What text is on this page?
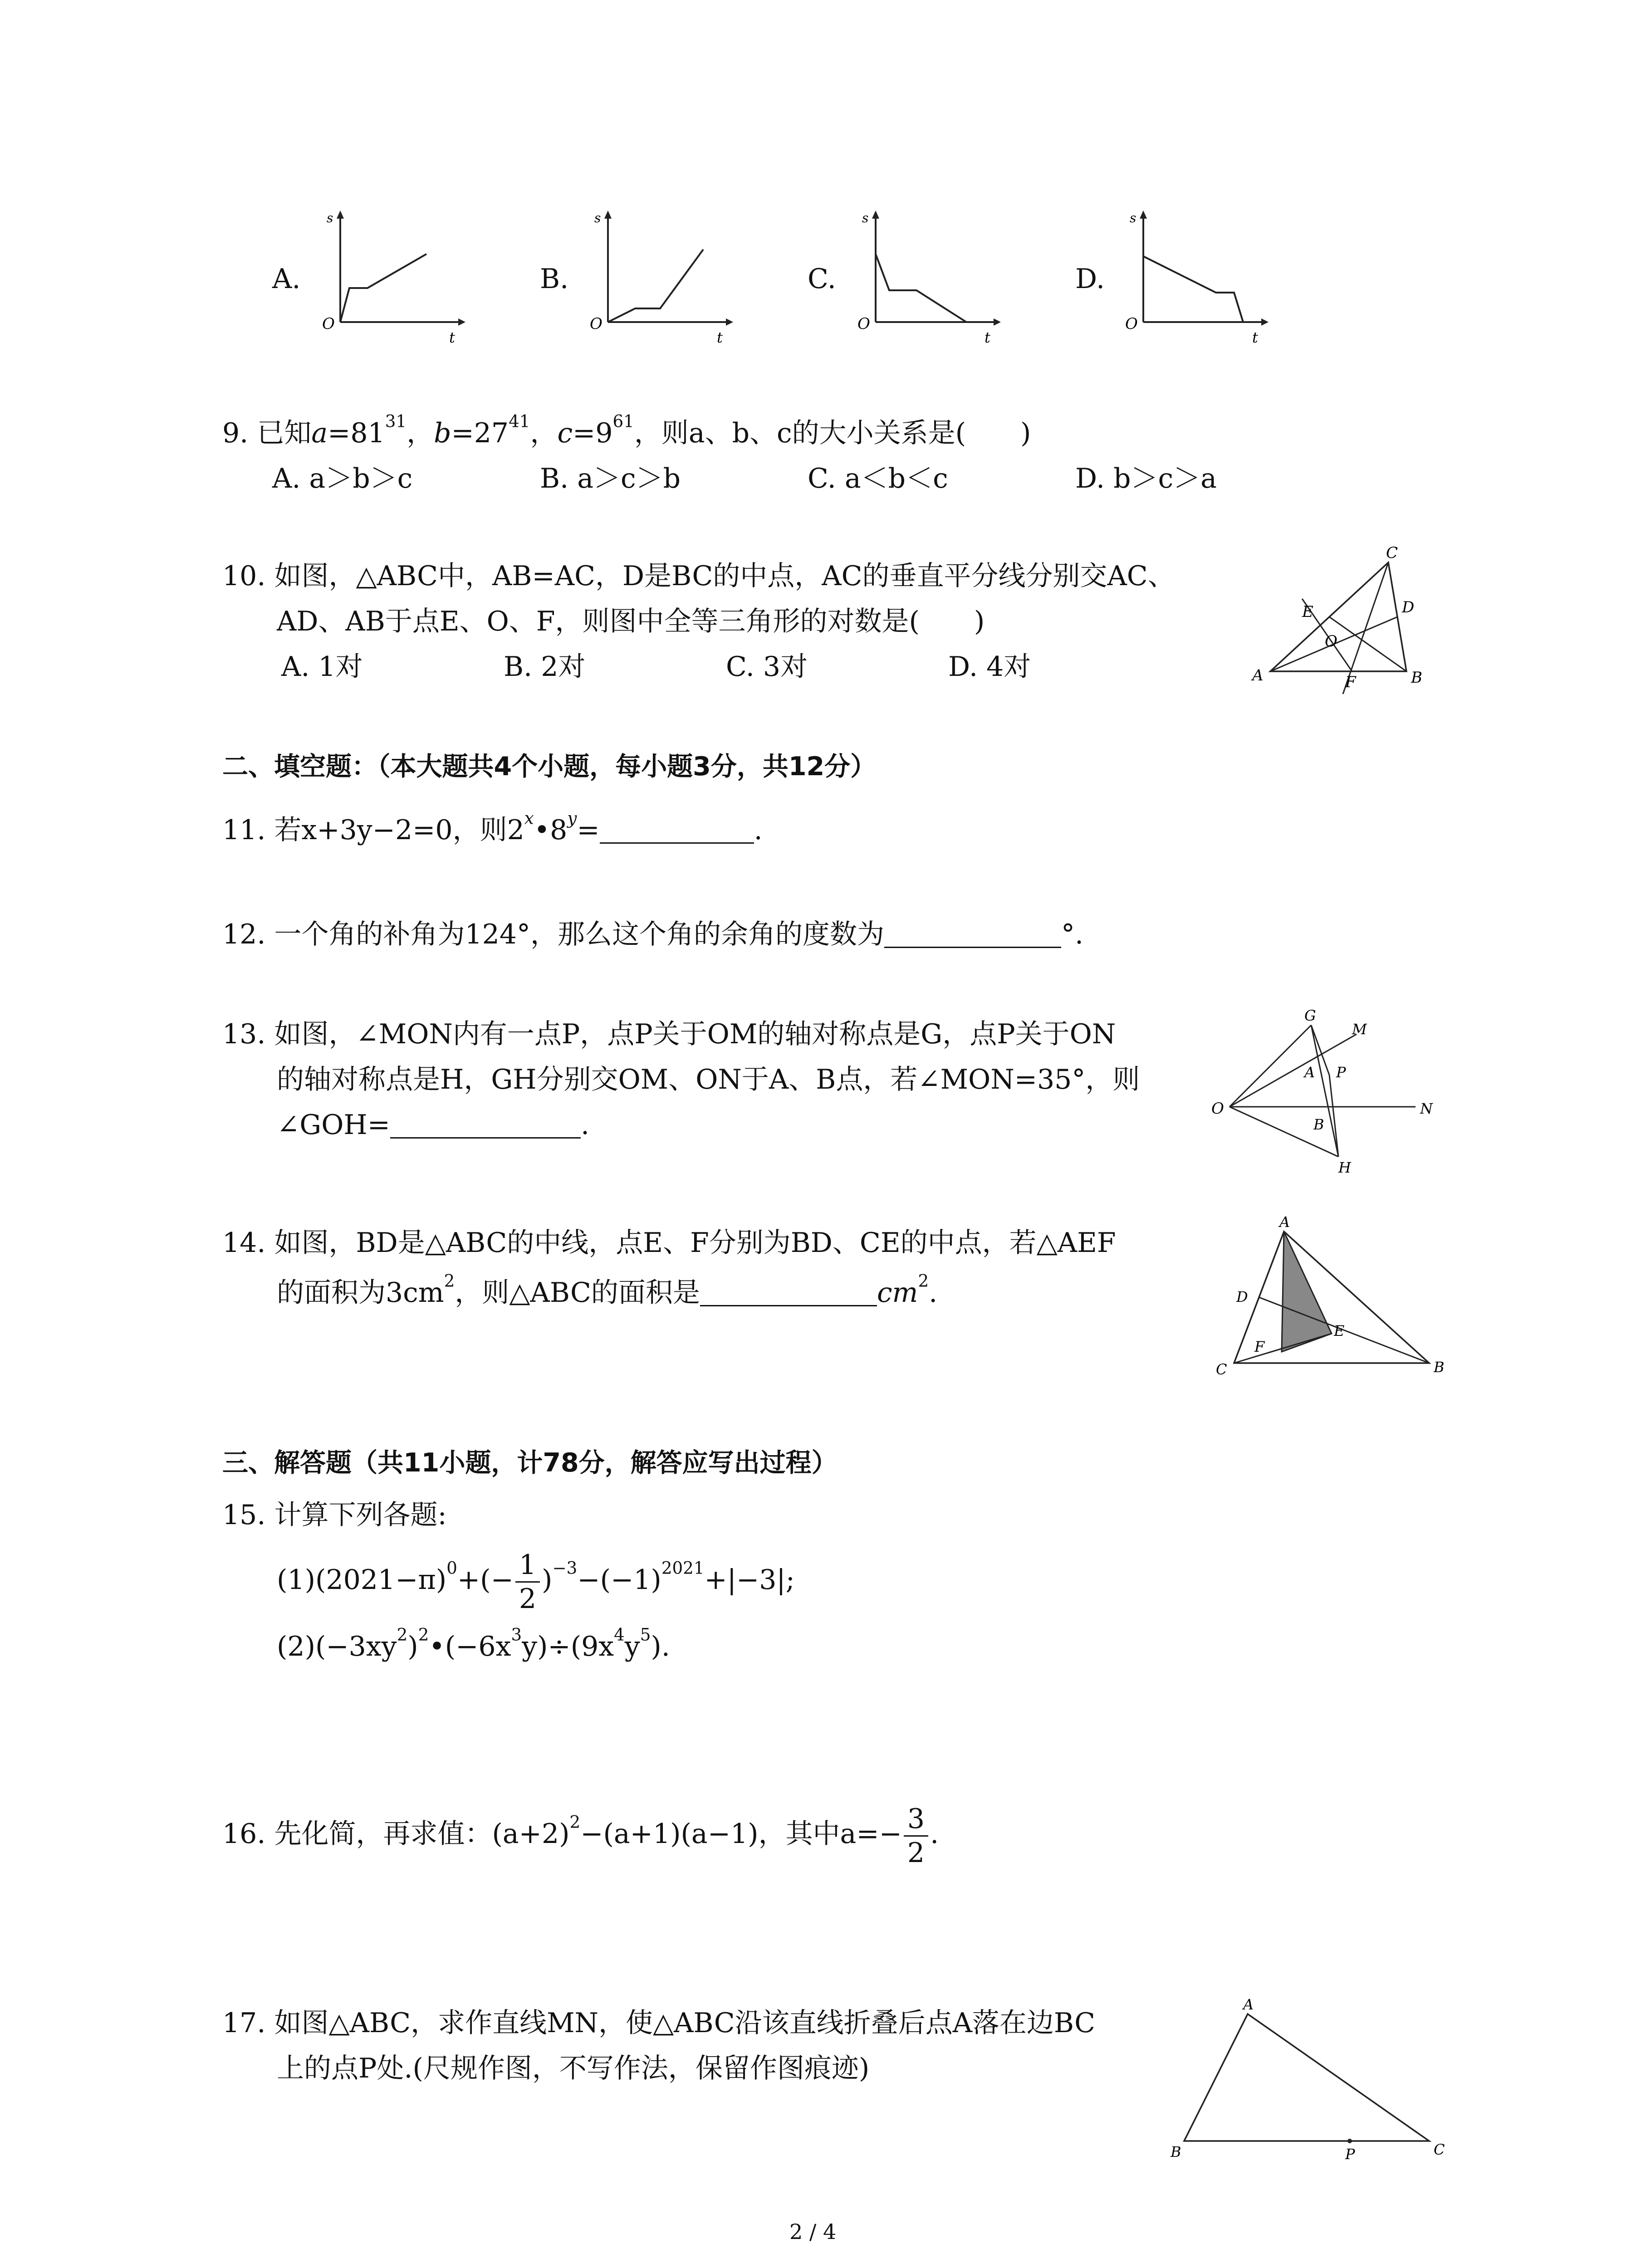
A.
s
t
O
B.
s
t
O
C.
s
t
O
D.
s
t
O
9. 已知$a=81^{31}$，$b=27^{41}$，$c=9^{61}$，则a、b、c的大小关系是(　　)
A. a＞b＞c	B. a＞c＞b	C. a＜b＜c	D. b＞c＞a
10. 如图，△ABC中，AB=AC，D是BC的中点，AC的垂直平分线分别交AC、
AD、AB于点E、O、F，则图中全等三角形的对数是(　　)
A. 1对	B. 2对	C. 3对	D. 4对	A	B
C
D
E
O
F
二、填空题：（本大题共4个小题，每小题3分，共12分）
11. 若x+3y−2=0，则$2^x•8^y=$	.
12. 一个角的补角为124°，那么这个角的余角的度数为	°.
13. 如图，∠MON内有一点P，点P关于OM的轴对称点是G，点P关于ON
的轴对称点是H，GH分别交OM、ON于A、B点，若∠MON=35°，则
∠GOH=	.
G
M
A P
O	N
B
H
14. 如图，BD是△ABC的中线，点E、F分别为BD、CE的中点，若△AEF
的面积为$3cm^2$，则△ABC的面积是	$cm^2$.
A
D
E
F
C	B
三、解答题（共11小题，计78分，解答应写出过程）
15. 计算下列各题:
$(1)(2021-\pi)^0+(- \frac{1}{2} )^{-3}-(-1)^{2021}+|-3|$;
$(2)(-3xy^2)^2•(-6x^3y)\div(9x^4y^5)$.
16. 先化简，再求值：$(a+2)^2-(a+1)(a-1)$，其中$a=- \frac{3}{2}$ .
17. 如图△ABC，求作直线MN，使△ABC沿该直线折叠后点A落在边BC
上的点P处.(尺规作图，不写作法，保留作图痕迹)
A
B	P	C
2 / 4
